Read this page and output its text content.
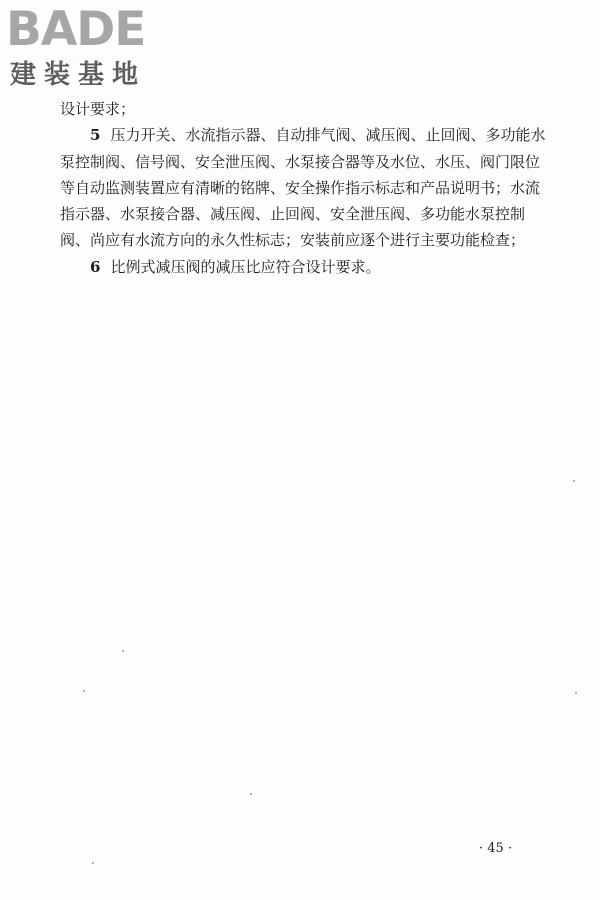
BADE
建装基地

设计要求；

5 压力开关、水流指示器、自动排气阀、减压阀、止回阀、多功能水泵控制阀、信号阀、安全泄压阀、水泵接合器等及水位、水压、阀门限位等自动监测装置应有清晰的铭牌、安全操作指示标志和产品说明书；水流指示器、水泵接合器、减压阀、止回阀、安全泄压阀、多功能水泵控制阀、尚应有水流方向的永久性标志；安装前应逐个进行主要功能检查；

6 比例式减压阀的减压比应符合设计要求。

· 45 ·
